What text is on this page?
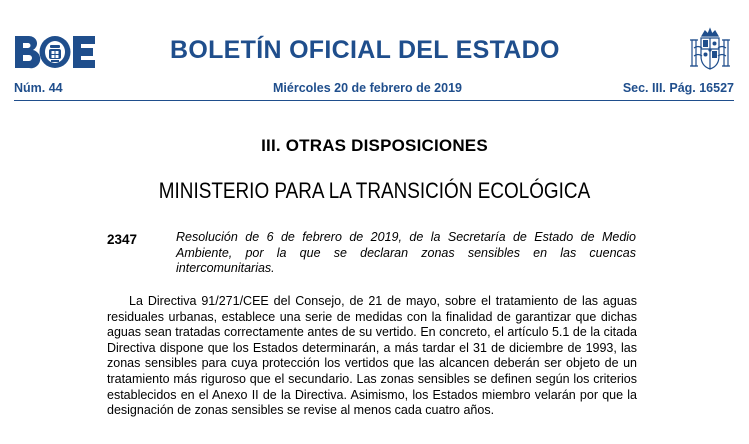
BOLETÍN OFICIAL DEL ESTADO
Núm. 44	Miércoles 20 de febrero de 2019	Sec. III. Pág. 16527
III. OTRAS DISPOSICIONES
MINISTERIO PARA LA TRANSICIÓN ECOLÓGICA
2347	Resolución de 6 de febrero de 2019, de la Secretaría de Estado de Medio Ambiente, por la que se declaran zonas sensibles en las cuencas intercomunitarias.
La Directiva 91/271/CEE del Consejo, de 21 de mayo, sobre el tratamiento de las aguas residuales urbanas, establece una serie de medidas con la finalidad de garantizar que dichas aguas sean tratadas correctamente antes de su vertido. En concreto, el artículo 5.1 de la citada Directiva dispone que los Estados determinarán, a más tardar el 31 de diciembre de 1993, las zonas sensibles para cuya protección los vertidos que las alcancen deberán ser objeto de un tratamiento más riguroso que el secundario. Las zonas sensibles se definen según los criterios establecidos en el Anexo II de la Directiva. Asimismo, los Estados miembro velarán por que la designación de zonas sensibles se revise al menos cada cuatro años.
